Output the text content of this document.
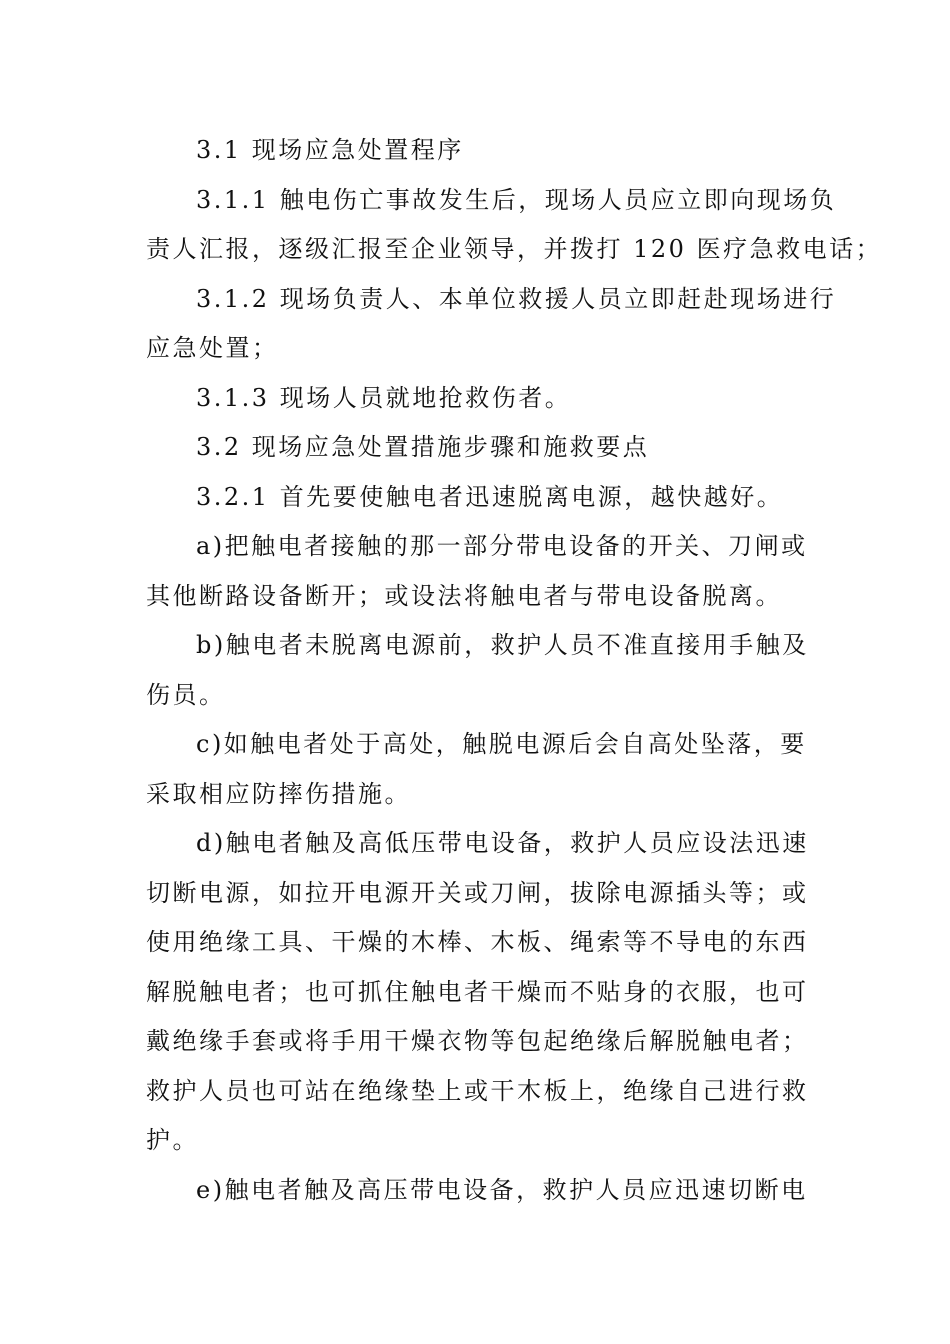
3.1 现场应急处置程序
3.1.1 触电伤亡事故发生后，现场人员应立即向现场负
责人汇报，逐级汇报至企业领导，并拨打 120 医疗急救电话；
3.1.2 现场负责人、本单位救援人员立即赶赴现场进行
应急处置；
3.1.3 现场人员就地抢救伤者。
3.2 现场应急处置措施步骤和施救要点
3.2.1 首先要使触电者迅速脱离电源，越快越好。
a)把触电者接触的那一部分带电设备的开关、刀闸或
其他断路设备断开；或设法将触电者与带电设备脱离。
b)触电者未脱离电源前，救护人员不准直接用手触及
伤员。
c)如触电者处于高处，触脱电源后会自高处坠落，要
采取相应防摔伤措施。
d)触电者触及高低压带电设备，救护人员应设法迅速
切断电源，如拉开电源开关或刀闸，拔除电源插头等；或
使用绝缘工具、干燥的木棒、木板、绳索等不导电的东西
解脱触电者；也可抓住触电者干燥而不贴身的衣服，也可
戴绝缘手套或将手用干燥衣物等包起绝缘后解脱触电者；
救护人员也可站在绝缘垫上或干木板上，绝缘自己进行救
护。
e)触电者触及高压带电设备，救护人员应迅速切断电
